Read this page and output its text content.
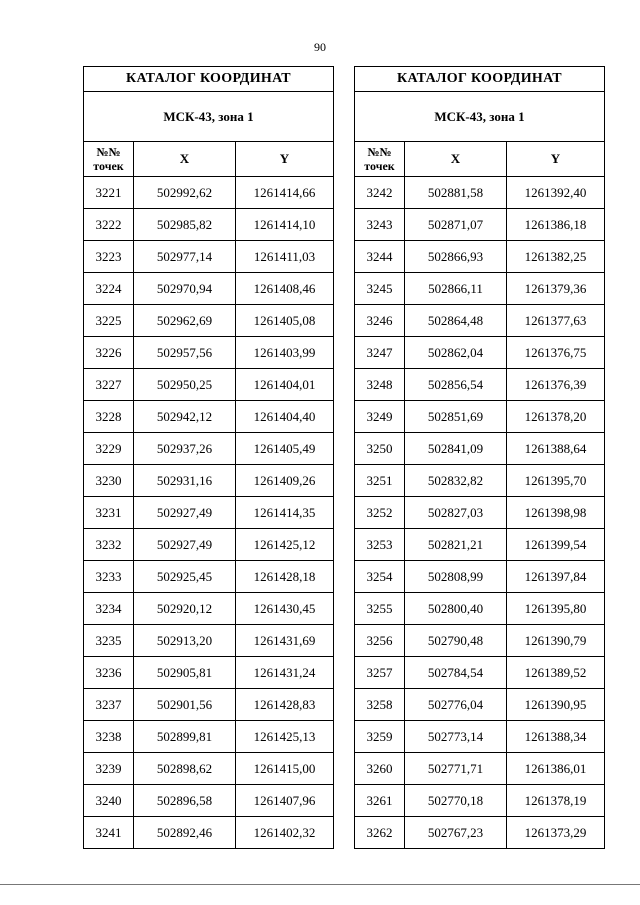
90
КАТАЛОГ КООРДИНАТ		
МСК-43, зона 1		
№№
точек	X	Y
3221	502992,62	1261414,66
3222	502985,82	1261414,10
3223	502977,14	1261411,03
3224	502970,94	1261408,46
3225	502962,69	1261405,08
3226	502957,56	1261403,99
3227	502950,25	1261404,01
3228	502942,12	1261404,40
3229	502937,26	1261405,49
3230	502931,16	1261409,26
3231	502927,49	1261414,35
3232	502927,49	1261425,12
3233	502925,45	1261428,18
3234	502920,12	1261430,45
3235	502913,20	1261431,69
3236	502905,81	1261431,24
3237	502901,56	1261428,83
3238	502899,81	1261425,13
3239	502898,62	1261415,00
3240	502896,58	1261407,96
3241	502892,46	1261402,32
КАТАЛОГ КООРДИНАТ		
МСК-43, зона 1		
№№
точек	X	Y
3242	502881,58	1261392,40
3243	502871,07	1261386,18
3244	502866,93	1261382,25
3245	502866,11	1261379,36
3246	502864,48	1261377,63
3247	502862,04	1261376,75
3248	502856,54	1261376,39
3249	502851,69	1261378,20
3250	502841,09	1261388,64
3251	502832,82	1261395,70
3252	502827,03	1261398,98
3253	502821,21	1261399,54
3254	502808,99	1261397,84
3255	502800,40	1261395,80
3256	502790,48	1261390,79
3257	502784,54	1261389,52
3258	502776,04	1261390,95
3259	502773,14	1261388,34
3260	502771,71	1261386,01
3261	502770,18	1261378,19
3262	502767,23	1261373,29
